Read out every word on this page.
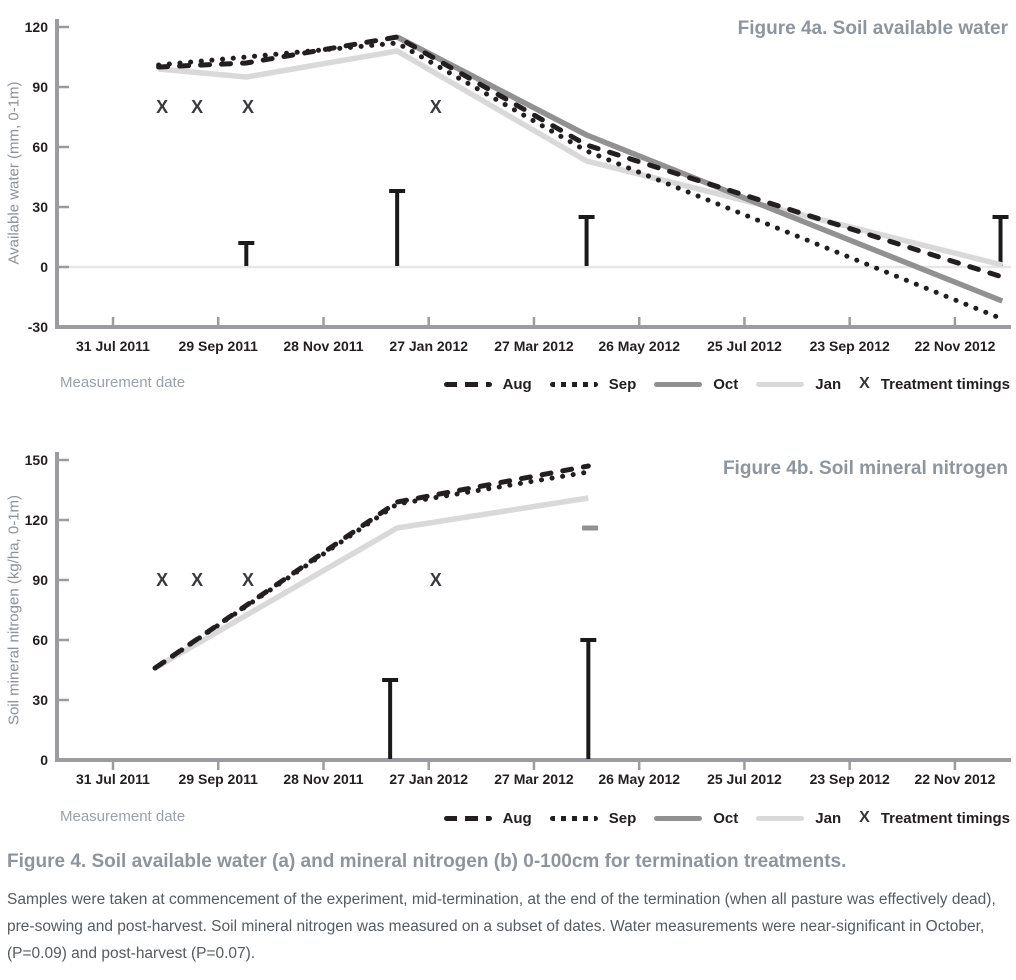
120
90
60
30
0
-30
31 Jul 2011 29 Sep 2011 28 Nov 2011 27 Jan 2012 27 Mar 2012 26 May 2012 25 Jul 2012 23 Sep 2012 22 Nov 2012
X X X	X
Figure 4a. Soil available water
Available water (mm, 0-1m)
Measurement date	Aug	Sep	Oct	Jan X Treatment timings
150
120
90
60
30
0
31 Jul 2011 29 Sep 2011 28 Nov 2011 27 Jan 2012 27 Mar 2012 26 May 2012 25 Jul 2012 23 Sep 2012 22 Nov 2012
X X X	X
Figure 4b. Soil mineral nitrogen
Soil mineral nitrogen (kg/ha, 0-1m)
Measurement date	Aug	Sep	Oct	Jan X Treatment timings
Figure 4. Soil available water (a) and mineral nitrogen (b) 0-100cm for termination treatments.
Samples were taken at commencement of the experiment, mid-termination, at the end of the termination (when all pasture was effectively dead), pre-sowing and post-harvest. Soil mineral nitrogen was measured on a subset of dates. Water measurements were near-significant in October, (P=0.09) and post-harvest (P=0.07).
